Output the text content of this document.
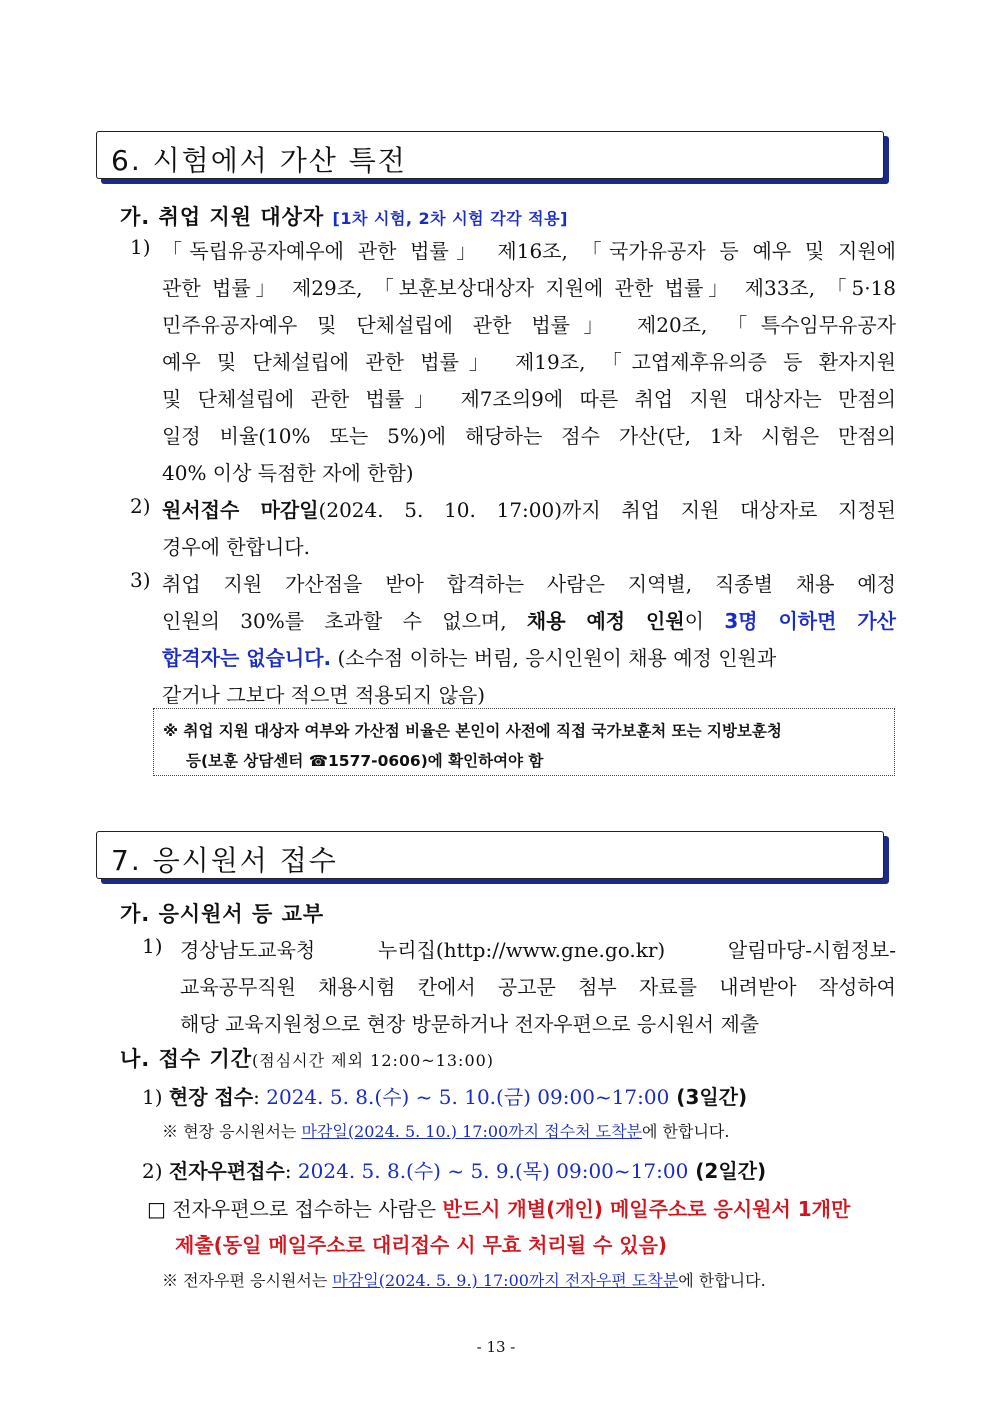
6. 시험에서 가산 특전
가. 취업 지원 대상자 [1차 시험, 2차 시험 각각 적용]
1) 「독립유공자예우에 관한 법률」 제16조, 「국가유공자 등 예우 및 지원에
관한 법률」 제29조, 「보훈보상대상자 지원에 관한 법률」 제33조, 「5·18
민주유공자예우 및 단체설립에 관한 법률」 제20조, 「특수임무유공자
예우 및 단체설립에 관한 법률」 제19조, 「고엽제후유의증 등 환자지원
및 단체설립에 관한 법률」 제7조의9에 따른 취업 지원 대상자는 만점의
일정 비율(10% 또는 5%)에 해당하는 점수 가산(단, 1차 시험은 만점의
40% 이상 득점한 자에 한함)
2) 원서접수 마감일(2024. 5. 10. 17:00)까지 취업 지원 대상자로 지정된
경우에 한합니다.
3) 취업 지원 가산점을 받아 합격하는 사람은 지역별, 직종별 채용 예정
인원의 30%를 초과할 수 없으며, 채용 예정 인원이 3명 이하면 가산
합격자는 없습니다. (소수점 이하는 버림, 응시인원이 채용 예정 인원과
같거나 그보다 적으면 적용되지 않음)
※ 취업 지원 대상자 여부와 가산점 비율은 본인이 사전에 직접 국가보훈처 또는 지방보훈청
등(보훈 상담센터 ☎1577-0606)에 확인하여야 함
7. 응시원서 접수
가. 응시원서 등 교부
1) 경상남도교육청 누리집(http://www.gne.go.kr) 알림마당-시험정보-
교육공무직원 채용시험 칸에서 공고문 첨부 자료를 내려받아 작성하여
해당 교육지원청으로 현장 방문하거나 전자우편으로 응시원서 제출
나. 접수 기간(점심시간 제외 12:00~13:00)
1) 현장 접수: 2024. 5. 8.(수) ~ 5. 10.(금) 09:00~17:00 (3일간)
※ 현장 응시원서는 마감일(2024. 5. 10.) 17:00까지 접수처 도착분에 한합니다.
2) 전자우편접수: 2024. 5. 8.(수) ~ 5. 9.(목) 09:00~17:00 (2일간)
□ 전자우편으로 접수하는 사람은 반드시 개별(개인) 메일주소로 응시원서 1개만
제출(동일 메일주소로 대리접수 시 무효 처리될 수 있음)
※ 전자우편 응시원서는 마감일(2024. 5. 9.) 17:00까지 전자우편 도착분에 한합니다.
- 13 -
